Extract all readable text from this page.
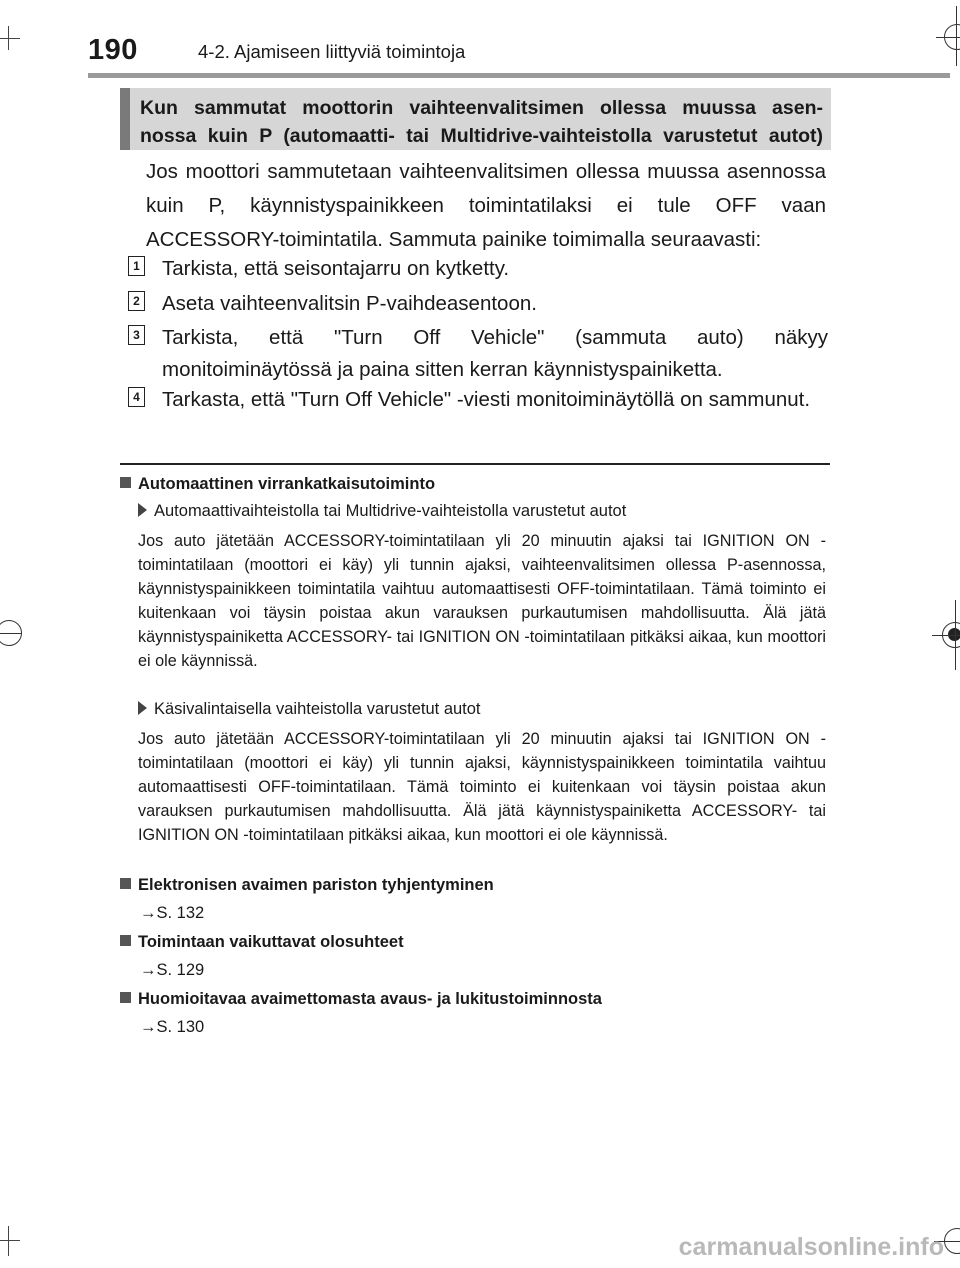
190	4-2. Ajamiseen liittyviä toimintoja
Kun sammutat moottorin vaihteenvalitsimen ollessa muussa asen-
nossa kuin P (automaatti- tai Multidrive-vaihteistolla varustetut autot)
Jos moottori sammutetaan vaihteenvalitsimen ollessa muussa asennossa kuin P, käynnistyspainikkeen toimintatilaksi ei tule OFF vaan ACCESSORY-toimintatila. Sammuta painike toimimalla seuraavasti:
1 Tarkista, että seisontajarru on kytketty.
2 Aseta vaihteenvalitsin P-vaihdeasentoon.
3 Tarkista, että "Turn Off Vehicle" (sammuta auto) näkyy monitoiminäytössä ja paina sitten kerran käynnistyspainiketta.
4 Tarkasta, että "Turn Off Vehicle" -viesti monitoiminäytöllä on sammunut.
Automaattinen virrankatkaisutoiminto
Automaattivaihteistolla tai Multidrive-vaihteistolla varustetut autot
Jos auto jätetään ACCESSORY-toimintatilaan yli 20 minuutin ajaksi tai IGNITION ON -toimintatilaan (moottori ei käy) yli tunnin ajaksi, vaihteenvalitsimen ollessa P-asennossa, käynnistyspainikkeen toimintatila vaihtuu automaattisesti OFF-toimintatilaan. Tämä toiminto ei kuitenkaan voi täysin poistaa akun varauksen purkautumisen mahdollisuutta. Älä jätä käynnistyspainiketta ACCESSORY- tai IGNITION ON -toimintatilaan pitkäksi aikaa, kun moottori ei ole käynnissä.
Käsivalintaisella vaihteistolla varustetut autot
Jos auto jätetään ACCESSORY-toimintatilaan yli 20 minuutin ajaksi tai IGNITION ON -toimintatilaan (moottori ei käy) yli tunnin ajaksi, käynnistyspainikkeen toimintatila vaihtuu automaattisesti OFF-toimintatilaan. Tämä toiminto ei kuitenkaan voi täysin poistaa akun varauksen purkautumisen mahdollisuutta. Älä jätä käynnistyspainiketta ACCESSORY- tai IGNITION ON -toimintatilaan pitkäksi aikaa, kun moottori ei ole käynnissä.
Elektronisen avaimen pariston tyhjentyminen
→S. 132
Toimintaan vaikuttavat olosuhteet
→S. 129
Huomioitavaa avaimettomasta avaus- ja lukitustoiminnosta
→S. 130
carmanualsonline.info
